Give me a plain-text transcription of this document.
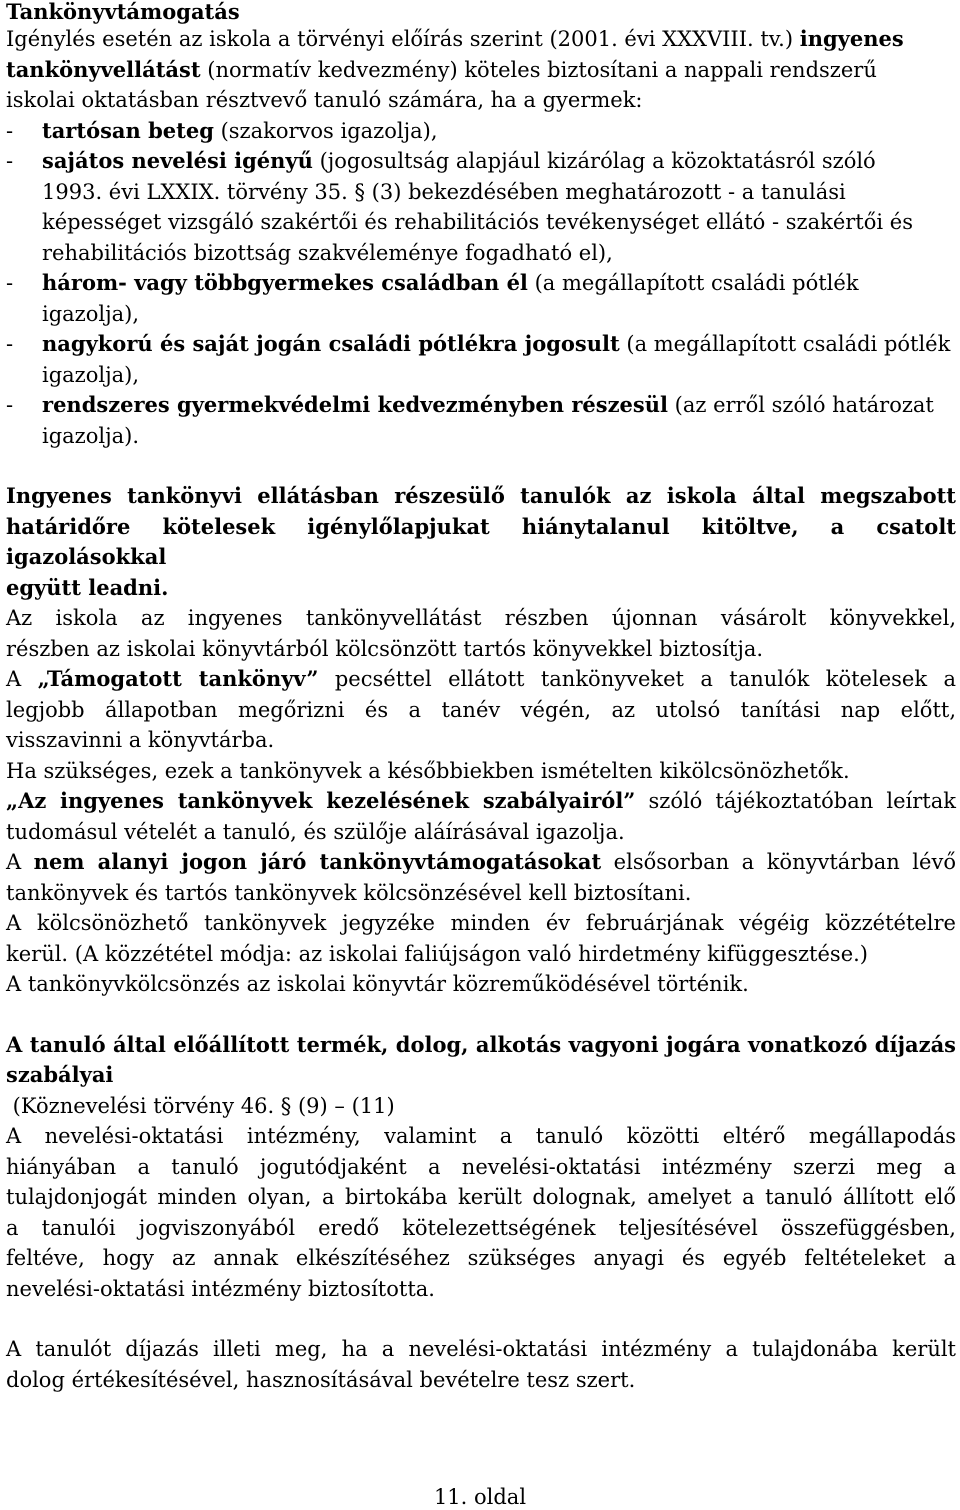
Tankönyvtámogatás
Igénylés esetén az iskola a törvényi előírás szerint (2001. évi XXXVIII. tv.) ingyenes
tankönyvellátást (normatív kedvezmény) köteles biztosítani a nappali rendszerű
iskolai oktatásban résztvevő tanuló számára, ha a gyermek:
- tartósan beteg (szakorvos igazolja),
- sajátos nevelési igényű (jogosultság alapjául kizárólag a közoktatásról szóló
1993. évi LXXIX. törvény 35. § (3) bekezdésében meghatározott - a tanulási
képességet vizsgáló szakértői és rehabilitációs tevékenységet ellátó - szakértői és
rehabilitációs bizottság szakvéleménye fogadható el),
- három- vagy többgyermekes családban él (a megállapított családi pótlék
igazolja),
- nagykorú és saját jogán családi pótlékra jogosult (a megállapított családi pótlék
igazolja),
- rendszeres gyermekvédelmi kedvezményben részesül (az erről szóló határozat
igazolja).
Ingyenes tankönyvi ellátásban részesülő tanulók az iskola által megszabott
határidőre kötelesek igénylőlapjukat hiánytalanul kitöltve, a csatolt igazolásokkal
együtt leadni.
Az iskola az ingyenes tankönyvellátást részben újonnan vásárolt könyvekkel,
részben az iskolai könyvtárból kölcsönzött tartós könyvekkel biztosítja.
A „Támogatott tankönyv” pecséttel ellátott tankönyveket a tanulók kötelesek a
legjobb állapotban megőrizni és a tanév végén, az utolsó tanítási nap előtt,
visszavinni a könyvtárba.
Ha szükséges, ezek a tankönyvek a későbbiekben ismételten kikölcsönözhetők.
„Az ingyenes tankönyvek kezelésének szabályairól” szóló tájékoztatóban leírtak
tudomásul vételét a tanuló, és szülője aláírásával igazolja.
A nem alanyi jogon járó tankönyvtámogatásokat elsősorban a könyvtárban lévő
tankönyvek és tartós tankönyvek kölcsönzésével kell biztosítani.
A kölcsönözhető tankönyvek jegyzéke minden év februárjának végéig közzétételre
kerül. (A közzététel módja: az iskolai faliújságon való hirdetmény kifüggesztése.)
A tankönyvkölcsönzés az iskolai könyvtár közreműködésével történik.
A tanuló által előállított termék, dolog, alkotás vagyoni jogára vonatkozó díjazás
szabályai
(Köznevelési törvény 46. § (9) – (11)
A nevelési-oktatási intézmény, valamint a tanuló közötti eltérő megállapodás
hiányában a tanuló jogutódjaként a nevelési-oktatási intézmény szerzi meg a
tulajdonjogát minden olyan, a birtokába került dolognak, amelyet a tanuló állított elő
a tanulói jogviszonyából eredő kötelezettségének teljesítésével összefüggésben,
feltéve, hogy az annak elkészítéséhez szükséges anyagi és egyéb feltételeket a
nevelési-oktatási intézmény biztosította.
A tanulót díjazás illeti meg, ha a nevelési-oktatási intézmény a tulajdonába került
dolog értékesítésével, hasznosításával bevételre tesz szert.
11. oldal
